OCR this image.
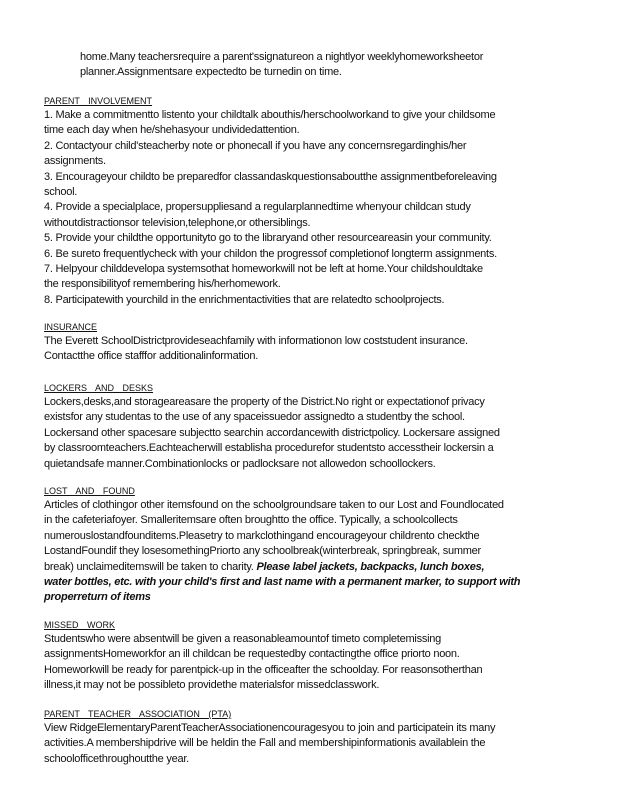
home.Many teachersrequire a parent'ssignatureon a nightlyor weeklyhomeworksheetor

planner.Assignmentsare expectedto be turnedin on time.

PARENT INVOLVEMENT

1. Make a commitmentto listento your childtalk abouthis/herschoolworkand to give your childsome

time each day when he/shehasyour undividedattention.

2. Contactyour child'steacherby note or phonecall if you have any concernsregardinghis/her

assignments.

3. Encourageyour childto be preparedfor classandaskquestionsaboutthe assignmentbeforeleaving

school.

4. Provide a specialplace, propersuppliesand a regularplannedtime whenyour childcan study

withoutdistractionsor television,telephone,or othersiblings.

5. Provide your childthe opportunityto go to the libraryand other resourceareasin your community.

6. Be sureto frequentlycheck with your childon the progressof completionof longterm assignments.

7. Helpyour childdevelopa systemsothat homeworkwill not be left at home.Your childshouldtake

the responsibilityof remembering his/herhomework.

8. Participatewith yourchild in the enrichmentactivities that are relatedto schoolprojects.

INSURANCE

The Everett SchoolDistrictprovideseachfamily with informationon low coststudent insurance.

Contactthe office stafffor additionalinformation.

LOCKERS AND DESKS

Lockers,desks,and storageareasare the property of the District.No right or expectationof privacy

existsfor any studentas to the use of any spaceissuedor assignedto a studentby the school.

Lockersand other spacesare subjectto searchin accordancewith districtpolicy. Lockersare assigned

by classroomteachers.Eachteacherwill establisha procedurefor studentsto accesstheir lockersin a

quietandsafe manner.Combinationlocks or padlocksare not allowedon schoollockers.

LOST AND FOUND

Articles of clothingor other itemsfound on the schoolgroundsare taken to our Lost and Foundlocated

in the cafeteriafoyer. Smalleritemsare often broughtto the office. Typically, a schoolcollects

numerouslostandfounditems.Pleasetry to markclothingand encourageyour childrento checkthe

LostandFoundif they losesomethingPriorto any schoolbreak(winterbreak, springbreak, summer

break) unclaimeditemswill be taken to charity. Please label jackets, backpacks, lunch boxes,

water bottles, etc. with your child's first and last name with a permanent marker, to support with

properreturn of items

MISSED WORK

Studentswho were absentwill be given a reasonableamountof timeto completemissing

assignmentsHomeworkfor an ill childcan be requestedby contactingthe office priorto noon.

Homeworkwill be ready for parentpick-up in the officeafter the schoolday. For reasonsotherthan

illness,it may not be possibleto providethe materialsfor missedclasswork.

PARENT TEACHER ASSOCIATION (PTA)

View RidgeElementaryParentTeacherAssociationencouragesyou to join and participatein its many

activities.A membershipdrive will be heldin the Fall and membershipinformationis availablein the

schoolofficethroughoutthe year.
